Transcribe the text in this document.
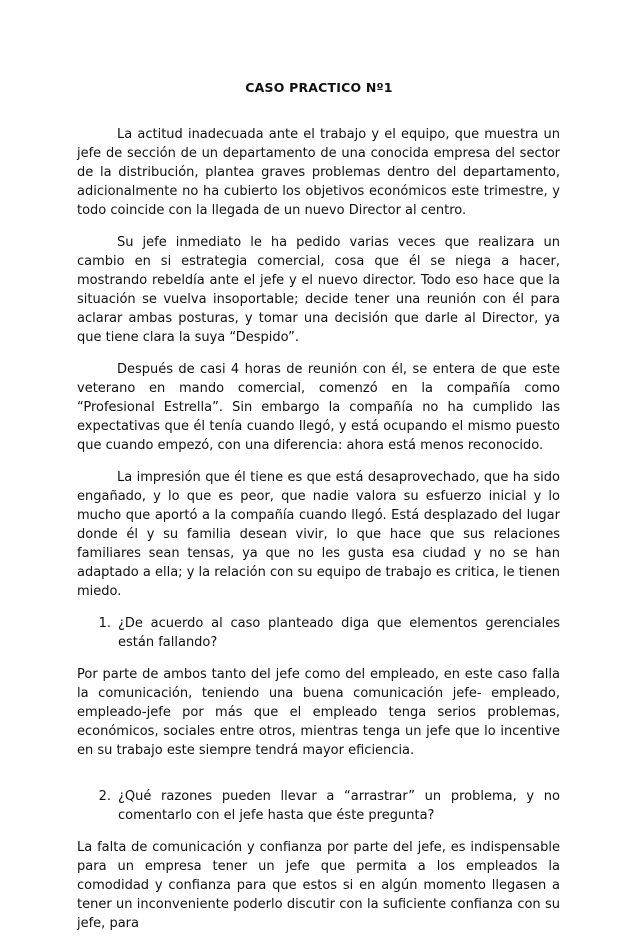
CASO PRACTICO Nº1

La actitud inadecuada ante el trabajo y el equipo, que muestra un jefe de sección de un departamento de una conocida empresa del sector de la distribución, plantea graves problemas dentro del departamento, adicionalmente no ha cubierto los objetivos económicos este trimestre, y todo coincide con la llegada de un nuevo Director al centro.

Su jefe inmediato le ha pedido varias veces que realizara un cambio en si estrategia comercial, cosa que él se niega a hacer, mostrando rebeldía ante el jefe y el nuevo director. Todo eso hace que la situación se vuelva insoportable; decide tener una reunión con él para aclarar ambas posturas, y tomar una decisión que darle al Director, ya que tiene clara la suya “Despido”.

Después de casi 4 horas de reunión con él, se entera de que este veterano en mando comercial, comenzó en la compañía como “Profesional Estrella”. Sin embargo la compañía no ha cumplido las expectativas que él tenía cuando llegó, y está ocupando el mismo puesto que cuando empezó, con una diferencia: ahora está menos reconocido.

La impresión que él tiene es que está desaprovechado, que ha sido engañado, y lo que es peor, que nadie valora su esfuerzo inicial y lo mucho que aportó a la compañía cuando llegó. Está desplazado del lugar donde él y su familia desean vivir, lo que hace que sus relaciones familiares sean tensas, ya que no les gusta esa ciudad y no se han adaptado a ella; y la relación con su equipo de trabajo es critica, le tienen miedo.

1. ¿De acuerdo al caso planteado diga que elementos gerenciales están fallando?

Por parte de ambos tanto del jefe como del empleado, en este caso falla la comunicación, teniendo una buena comunicación jefe- empleado, empleado-jefe por más que el empleado tenga serios problemas, económicos, sociales entre otros, mientras tenga un jefe que lo incentive en su trabajo este siempre tendrá mayor eficiencia.

2. ¿Qué razones pueden llevar a “arrastrar” un problema, y no comentarlo con el jefe hasta que éste pregunta?

La falta de comunicación y confianza por parte del jefe, es indispensable para un empresa tener un jefe que permita a los empleados la comodidad y confianza para que estos si en algún momento llegasen a tener un inconveniente poderlo discutir con la suficiente confianza con su jefe, para
